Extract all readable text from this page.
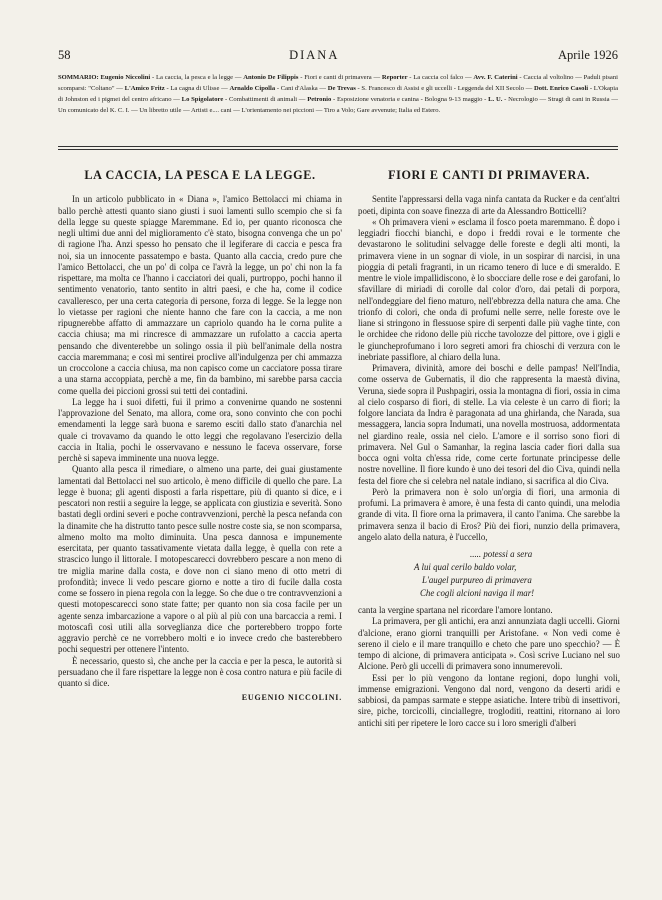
58	DIANA	Aprile 1926
SOMMARIO: Eugenio Niccolini - La caccia, la pesca e la legge — Antonio De Filippis - Fiori e canti di primavera — Reporter - La caccia col falco — Avv. F. Caterini - Caccia al voltolino — Paduli pisani scomparsi: "Coltano" — L'Amico Fritz - La cagna di Ulisse — Arnaldo Cipolla - Cani d'Alaska — De Trevas - S. Francesco di Assisi e gli uccelli - Leggenda del XII Secolo — Dott. Enrico Casoli - L'Okapia di Johnston ed i pigmei del centro africano — Lo Spigolatore - Combattimenti di animali — Petronio - Esposizione venatoria e canina - Bologna 9-13 maggio - L. U. - Necrologio — Stragi di cani in Russia — Un comunicato del K. C. I. — Un libretto utile — Artisti e.... cani — L'orientamento nei piccioni — Tiro a Volo; Gare avvenute; Italia ed Estero.
LA CACCIA, LA PESCA E LA LEGGE.

In un articolo pubblicato in « Diana », l'amico Bettolacci mi chiama in ballo perchè attesti quanto siano giusti i suoi lamenti sullo scempio che si fa della legge su queste spiagge Maremmane. Ed io, per quanto riconosca che negli ultimi due anni del miglioramento c'è stato, bisogna convenga che un po' di ragione l'ha. Anzi spesso ho pensato che il legiferare di caccia e pesca fra noi, sia un innocente passatempo e basta. Quanto alla caccia, credo pure che l'amico Bettolacci, che un po' di colpa ce l'avrà la legge, un po' chi non la fa rispettare, ma molta ce l'hanno i cacciatori dei quali, purtroppo, pochi hanno il sentimento venatorio, tanto sentito in altri paesi, e che ha, come il codice cavalleresco, per una certa categoria di persone, forza di legge. Se la legge non lo vietasse per ragioni che niente hanno che fare con la caccia, a me non ripugnerebbe affatto di ammazzare un capriolo quando ha le corna pulite a caccia chiusa; ma mi rincresce di ammazzare un rufolatto a caccia aperta pensando che diventerebbe un solingo ossia il più bell'animale della nostra caccia maremmana; e così mi sentirei proclive all'indulgenza per chi ammazza un croccolone a caccia chiusa, ma non capisco come un cacciatore possa tirare a una starna accoppiata, perchè a me, fin da bambino, mi sarebbe parsa caccia come quella dei piccioni grossi sui tetti dei contadini.

La legge ha i suoi difetti, fui il primo a convenirne quando ne sostenni l'approvazione del Senato, ma allora, come ora, sono convinto che con pochi emendamenti la legge sarà buona e saremo esciti dallo stato d'anarchia nel quale ci trovavamo da quando le otto leggi che regolavano l'esercizio della caccia in Italia, pochi le osservavano e nessuno le faceva osservare, forse perchè si sapeva imminente una nuova legge.

Quanto alla pesca il rimediare, o almeno una parte, dei guai giustamente lamentati dal Bettolacci nel suo articolo, è meno difficile di quello che pare. La legge è buona; gli agenti disposti a farla rispettare, più di quanto si dice, e i pescatori non restii a seguire la legge, se applicata con giustizia e severità. Sono bastati degli ordini severi e poche contravvenzioni, perchè la pesca nefanda con la dinamite che ha distrutto tanto pesce sulle nostre coste sia, se non scomparsa, almeno molto ma molto diminuita. Una pesca dannosa e impunemente esercitata, per quanto tassativamente vietata dalla legge, è quella con rete a strascico lungo il littorale. I motopescarecci dovrebbero pescare a non meno di tre miglia marine dalla costa, e dove non ci siano meno di otto metri di profondità; invece li vedo pescare giorno e notte a tiro di fucile dalla costa come se fossero in piena regola con la legge. So che due o tre contravvenzioni a questi motopescarecci sono state fatte; per quanto non sia cosa facile per un agente senza imbarcazione a vapore o al più al più con una barcaccia a remi. I motoscafi così utili alla sorveglianza dice che porterebbero troppo forte aggravio perchè ce ne vorrebbero molti e io invece credo che basterebbero pochi sequestri per ottenere l'intento.

È necessario, questo sì, che anche per la caccia e per la pesca, le autorità si persuadano che il fare rispettare la legge non è cosa contro natura e più facile di quanto si dice.

EUGENIO NICCOLINI.
FIORI E CANTI DI PRIMAVERA.

Sentite l'appressarsi della vaga ninfa cantata da Rucker e da cent'altri poeti, dipinta con soave finezza di arte da Alessandro Botticelli?

« Oh primavera vieni » esclama il fosco poeta maremmano. È dopo i leggiadri fiocchi bianchi, e dopo i freddi rovai e le tormente che devastarono le solitudini selvagge delle foreste e degli alti monti, la primavera viene in un sognar di viole, in un sospirar di narcisi, in una pioggia di petali fragranti, in un ricamo tenero di luce e di smeraldo. E mentre le viole impallidiscono, è lo sbocciare delle rose e dei garofani, lo sfavillare di miriadi di corolle dal color d'oro, dai petali di porpora, nell'ondeggiare del fieno maturo, nell'ebbrezza della natura che ama. Che trionfo di colori, che onda di profumi nelle serre, nelle foreste ove le liane si stringono in flessuose spire di serpenti dalle più vaghe tinte, con le orchidee che ridono delle più ricche tavolozze del pittore, ove i gigli e le giuncheprofumano i loro segreti amori fra chioschi di verzura con le inebriate passiflore, al chiaro della luna.

Primavera, divinità, amore dei boschi e delle pampas! Nell'India, come osserva de Gubernatis, il dio che rappresenta la maestà divina, Veruna, siede sopra il Pushpagiri, ossia la montagna di fiori, ossia in cima al cielo cosparso di fiori, di stelle. La via celeste è un carro di fiori; la folgore lanciata da Indra è paragonata ad una ghirlanda, che Narada, sua messaggera, lancia sopra Indumati, una novella mostruosa, addormentata nel giardino reale, ossia nel cielo. L'amore e il sorriso sono fiori di primavera. Nel Gul o Samanhar, la regina lascia cader fiori dalla sua bocca ogni volta ch'essa ride, come certe fortunate principesse delle nostre novelline. Il fiore kundo è uno dei tesori del dio Civa, quindi nella festa del fiore che si celebra nel natale indiano, si sacrifica al dio Civa.

Però la primavera non è solo un'orgia di fiori, una armonia di profumi. La primavera è amore, è una festa di canto quindi, una melodia grande di vita. Il fiore orna la primavera, il canto l'anima. Che sarebbe la primavera senza il bacio di Eros? Più dei fiori, nunzio della primavera, angelo alato della natura, è l'uccello,

..... potessi a sera
A lui qual cerilo baldo volar,
L'augel purpureo di primavera
Che cogli alcioni naviga il mar!

canta la vergine spartana nel ricordare l'amore lontano.

La primavera, per gli antichi, era anzi annunziata dagli uccelli. Giorni d'alcione, erano giorni tranquilli per Aristofane. « Non vedi come è sereno il cielo e il mare tranquillo e cheto che pare uno specchio? — È tempo di alcione, di primavera anticipata ». Così scrive Luciano nel suo Alcione. Però gli uccelli di primavera sono innumerevoli.

Essi per lo più vengono da lontane regioni, dopo lunghi voli, immense emigrazioni. Vengono dal nord, vengono da deserti aridi e sabbiosi, da pampas sarmate e steppe asiatiche. Intere tribù di insettivori, sire, piche, torcicolli, cinciallegre, trogloditi, reattini, ritornano ai loro antichi siti per ripetere le loro cacce su i loro smerigli d'alberi
